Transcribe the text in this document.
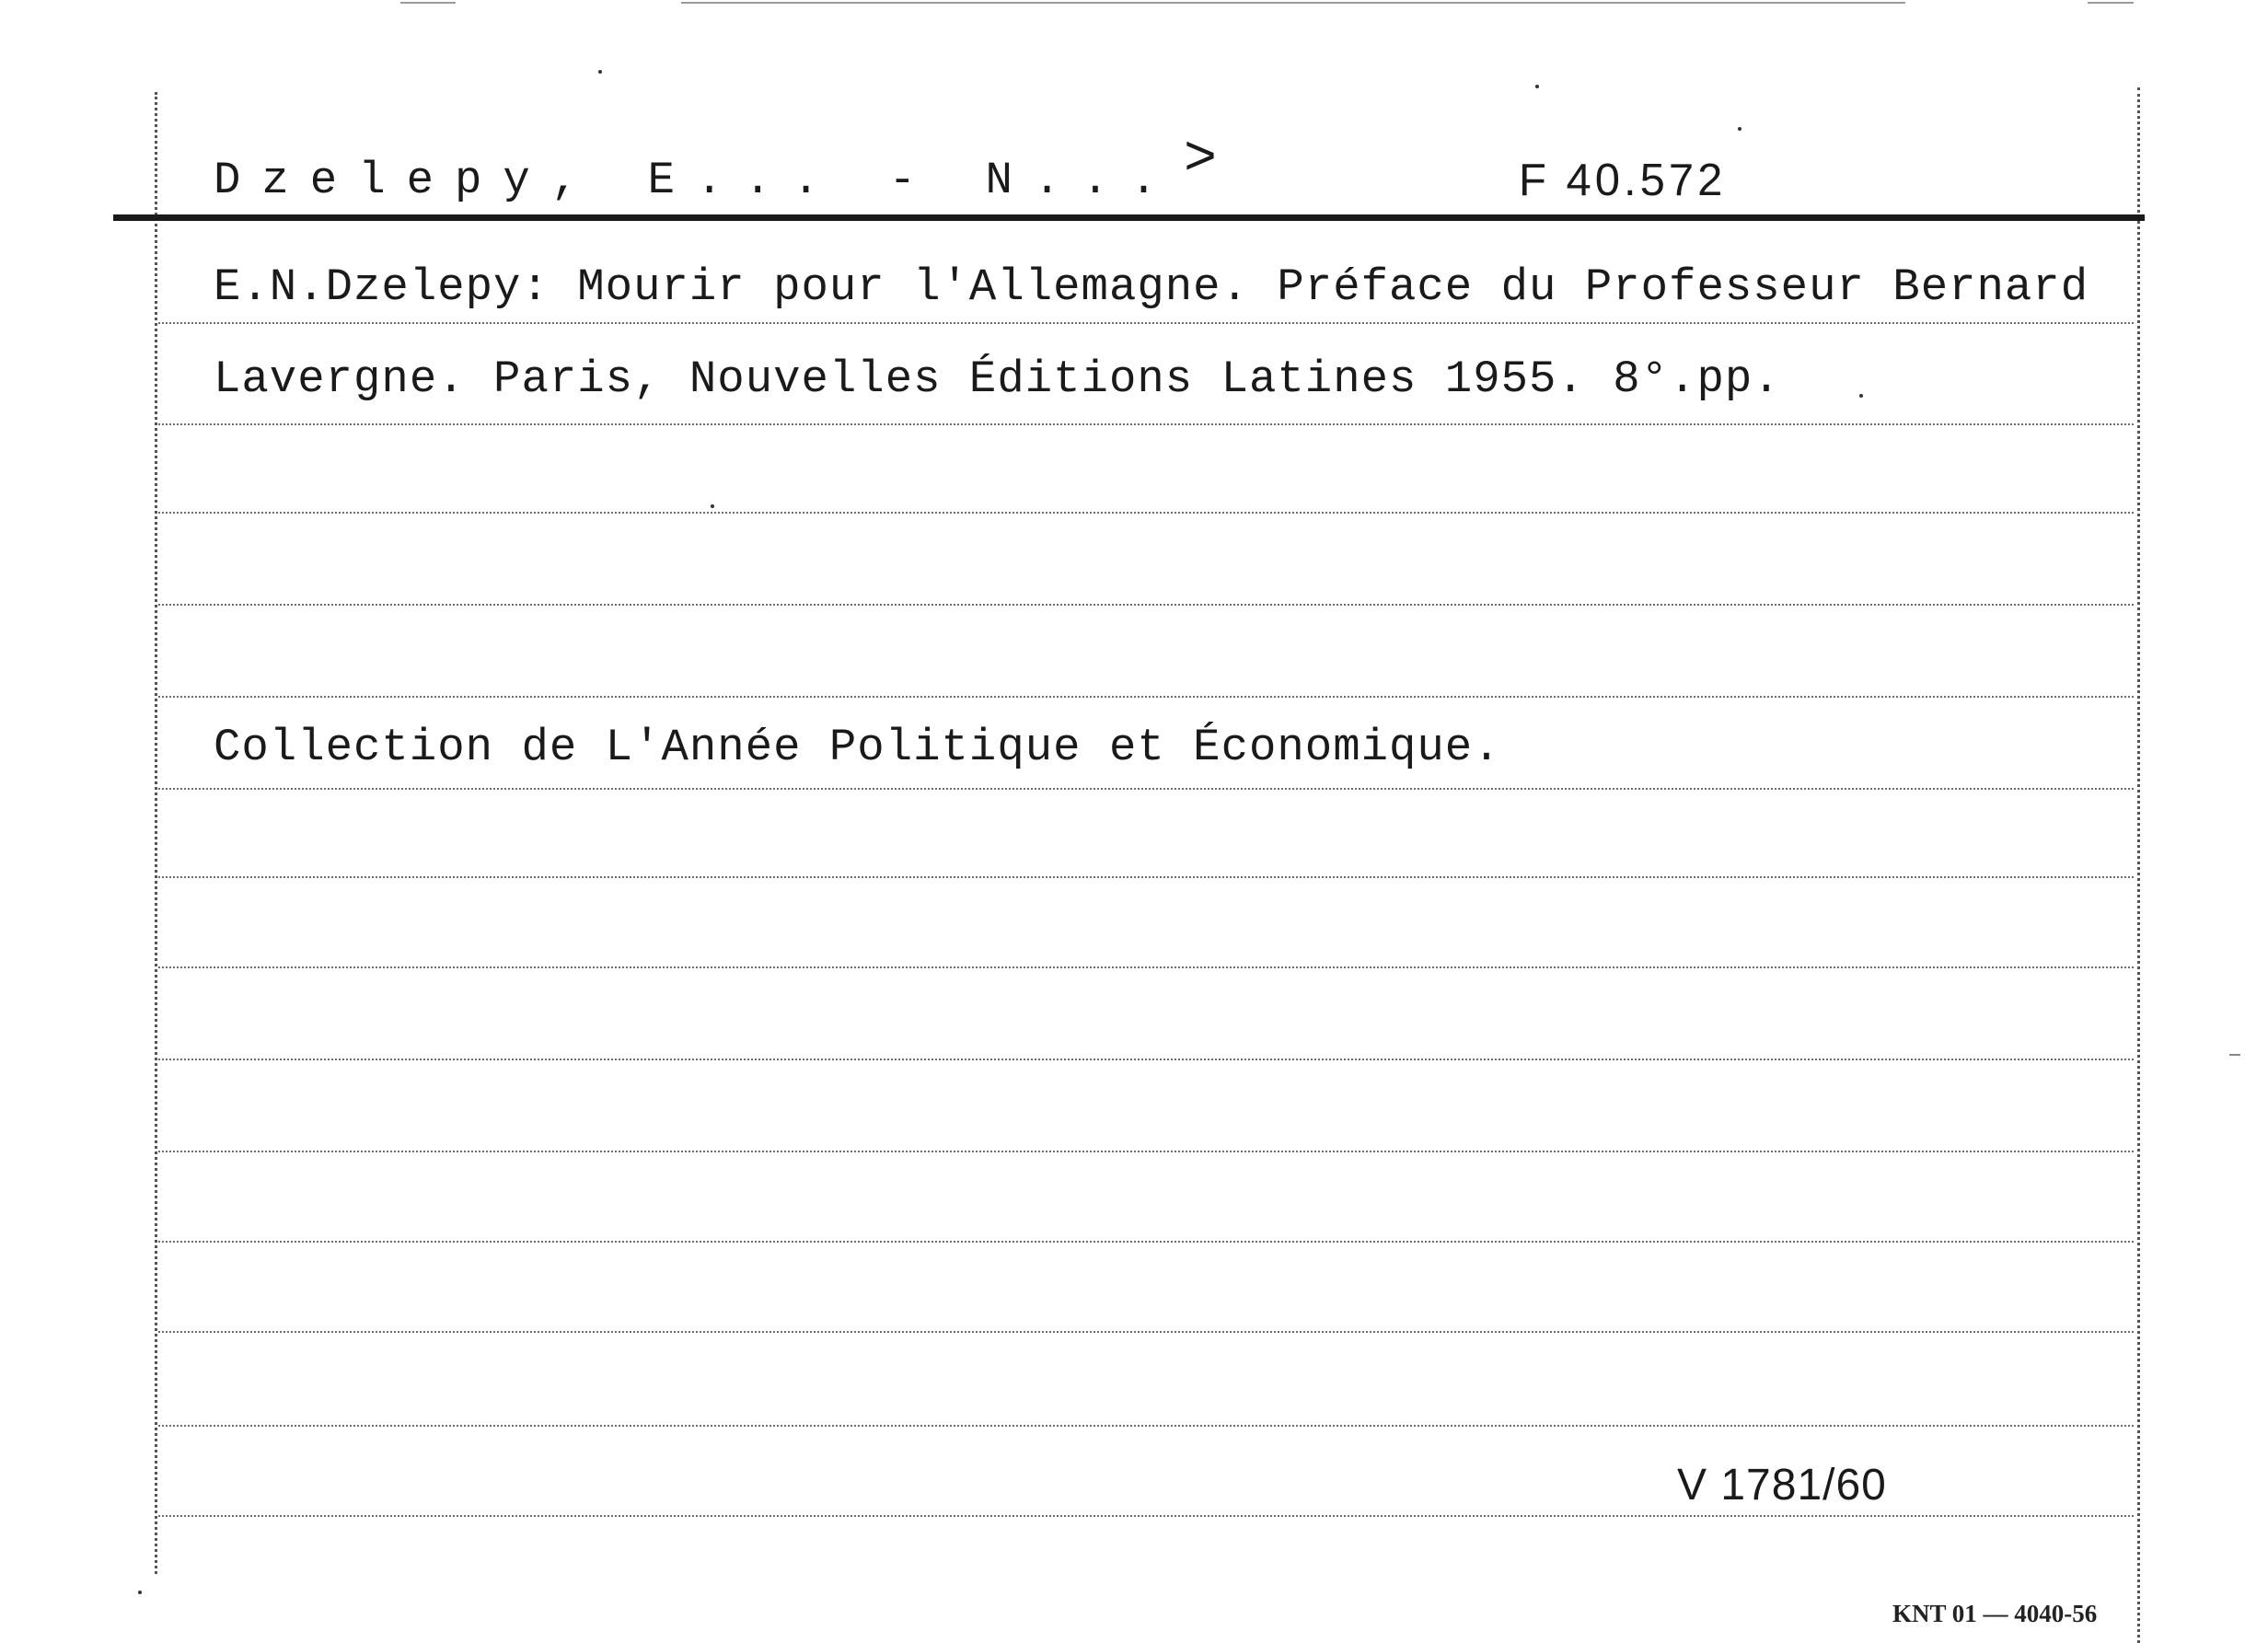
Dzelepy, E... - N... >	F 40.572
E.N.Dzelepy: Mourir pour l'Allemagne. Préface du Professeur Bernard
Lavergne. Paris, Nouvelles Éditions Latines 1955. 8°.pp.
Collection de L'Année Politique et Économique.
V 1781/60
KNT 01 — 4040-56
